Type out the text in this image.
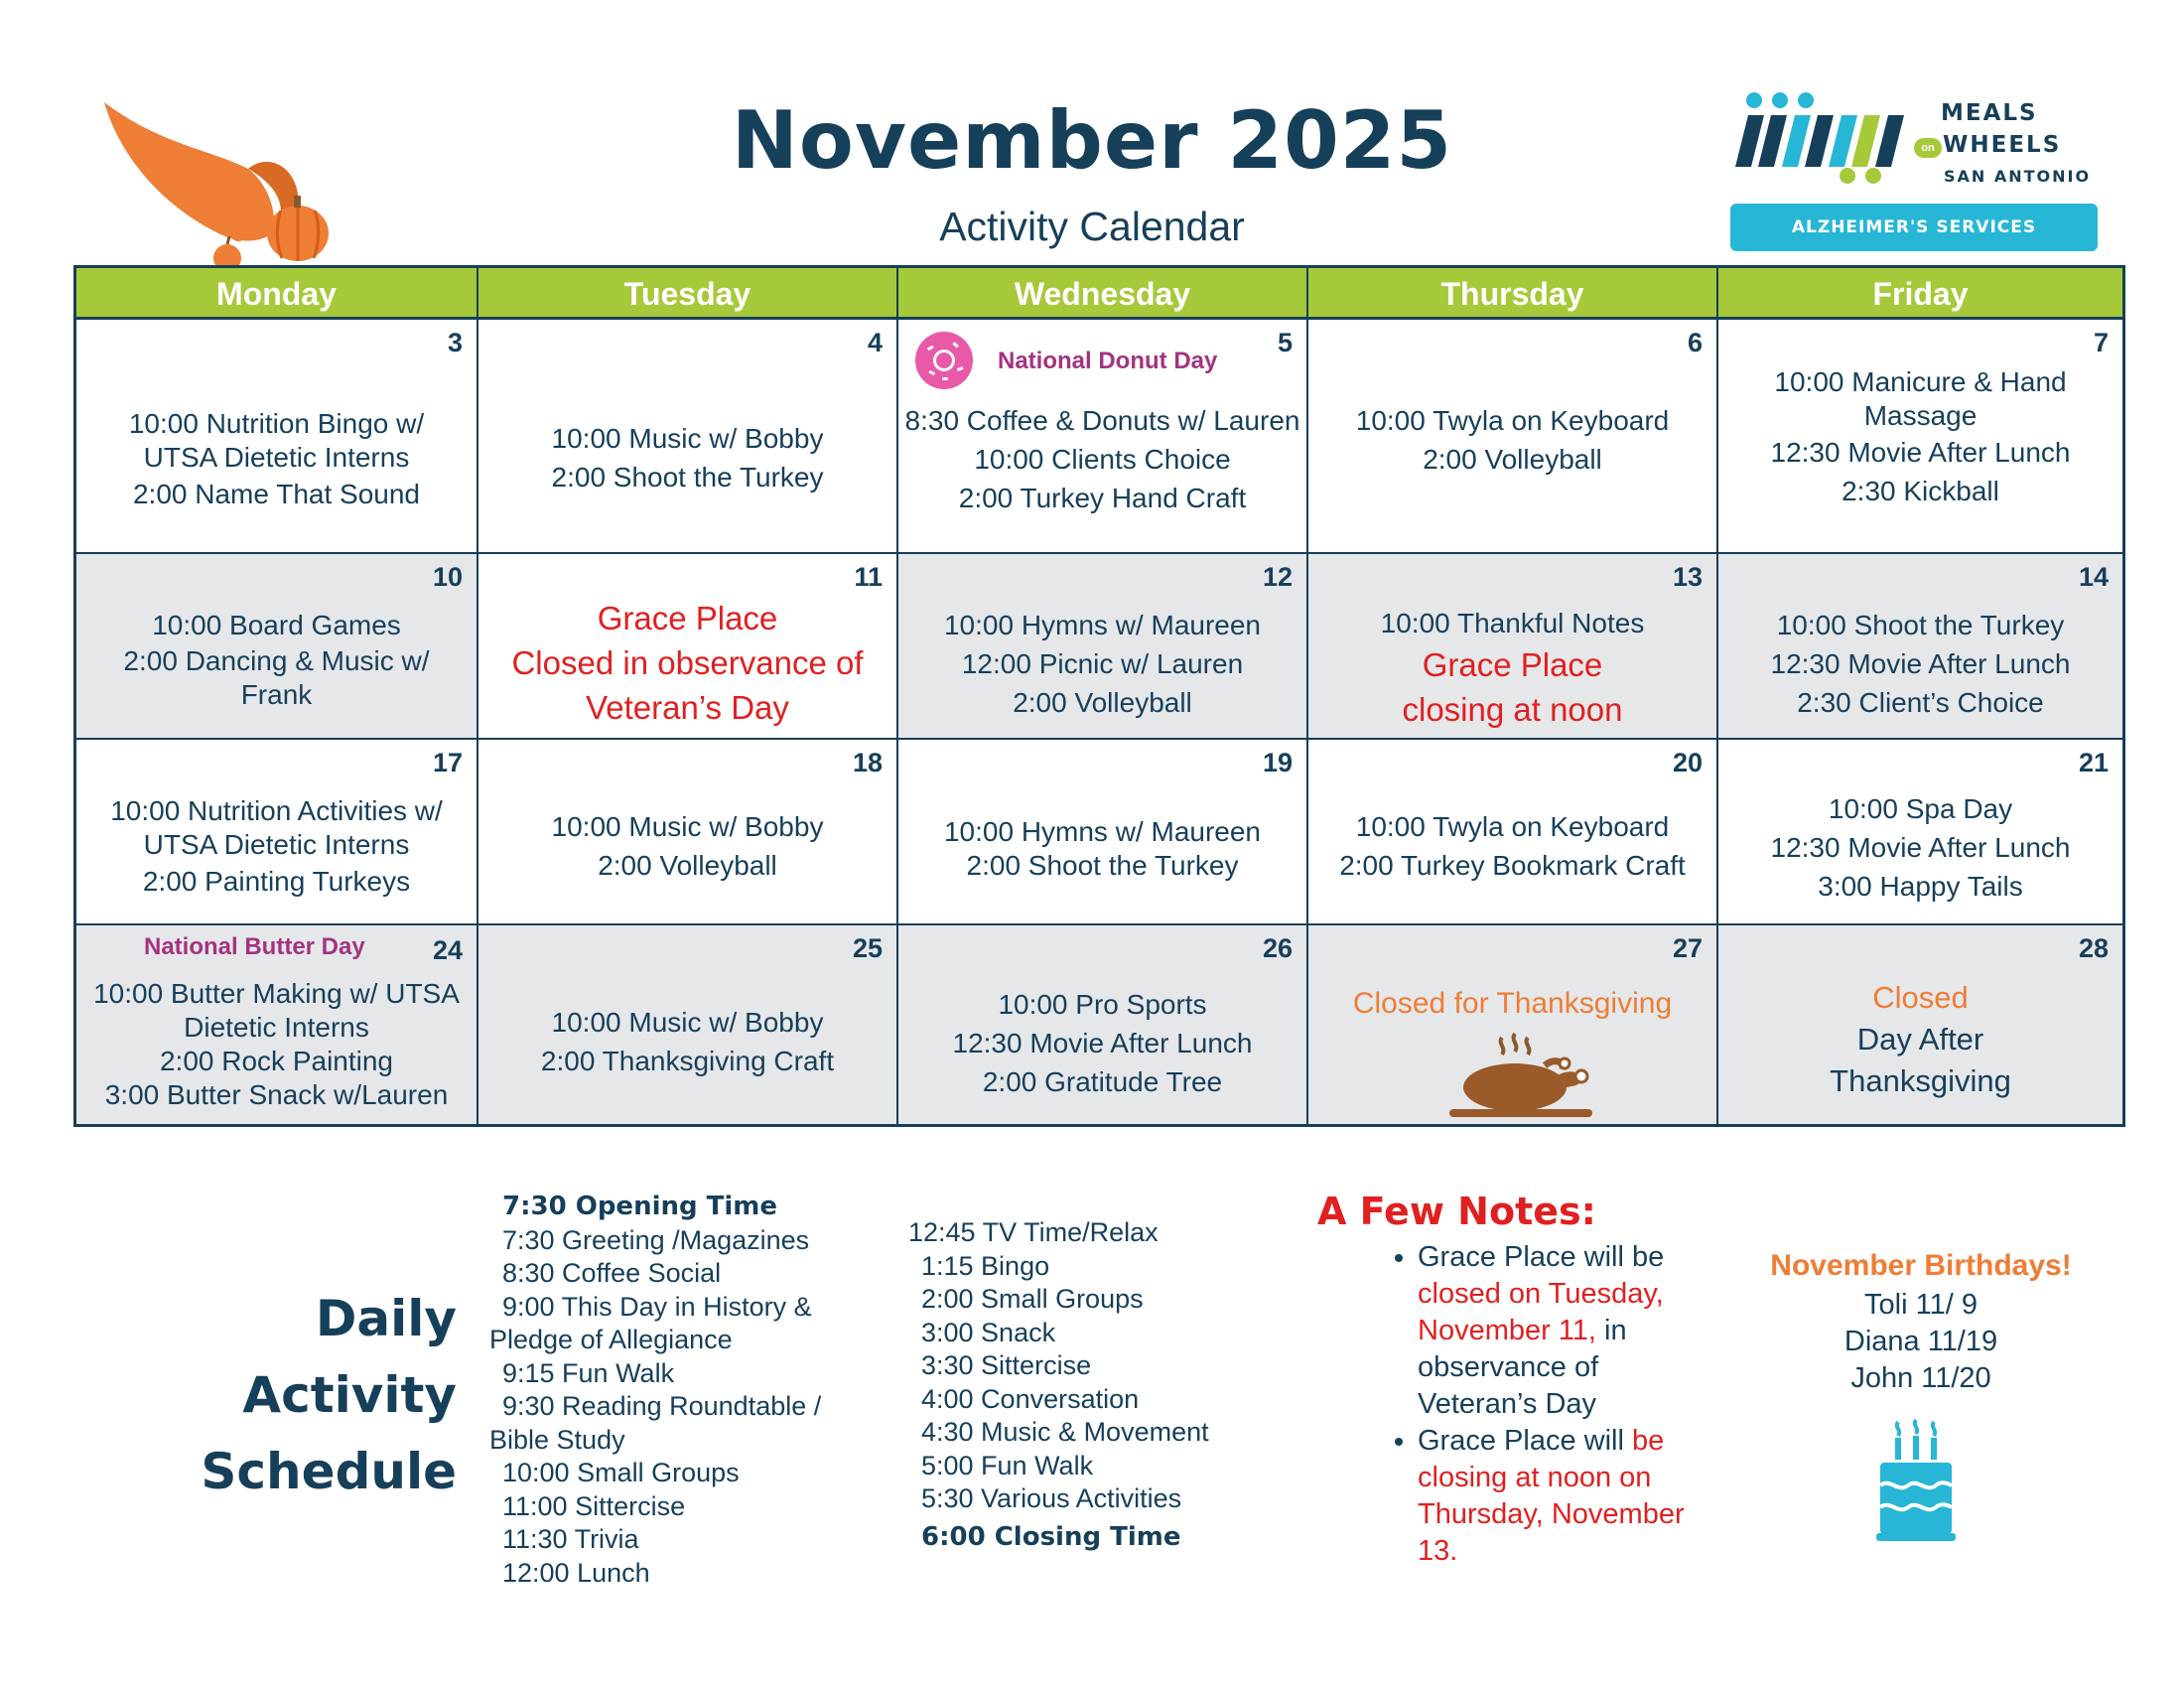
November 2025
Activity Calendar
MEALS
on WHEELS
SAN ANTONIO
ALZHEIMER'S SERVICES
Monday	Tuesday	Wednesday	Thursday	Friday
3
10:00 Nutrition Bingo w/
UTSA Dietetic Interns
2:00 Name That Sound
4
10:00 Music w/ Bobby
2:00 Shoot the Turkey
National Donut Day
5
8:30 Coffee & Donuts w/ Lauren
10:00 Clients Choice
2:00 Turkey Hand Craft
6
10:00 Twyla on Keyboard
2:00 Volleyball
7
10:00 Manicure & Hand
Massage
12:30 Movie After Lunch
2:30 Kickball
10
10:00 Board Games
2:00 Dancing & Music w/
Frank
11
Grace Place
Closed in observance of
Veteran’s Day
12
10:00 Hymns w/ Maureen
12:00 Picnic w/ Lauren
2:00 Volleyball
13
10:00 Thankful Notes
Grace Place
closing at noon
14
10:00 Shoot the Turkey
12:30 Movie After Lunch
2:30 Client’s Choice
17
10:00 Nutrition Activities w/
UTSA Dietetic Interns
2:00 Painting Turkeys
18
10:00 Music w/ Bobby
2:00 Volleyball
19
10:00 Hymns w/ Maureen
2:00 Shoot the Turkey
20
10:00 Twyla on Keyboard
2:00 Turkey Bookmark Craft
21
10:00 Spa Day
12:30 Movie After Lunch
3:00 Happy Tails
National Butter Day	24
10:00 Butter Making w/ UTSA
Dietetic Interns
2:00 Rock Painting
3:00 Butter Snack w/Lauren
25
10:00 Music w/ Bobby
2:00 Thanksgiving Craft
26
10:00 Pro Sports
12:30 Movie After Lunch
2:00 Gratitude Tree
27
Closed for Thanksgiving
28
Closed
Day After
Thanksgiving
Daily
Activity
Schedule
7:30 Opening Time
7:30 Greeting /Magazines
8:30 Coffee Social
9:00 This Day in History &
Pledge of Allegiance
9:15 Fun Walk
9:30 Reading Roundtable /
Bible Study
10:00 Small Groups
11:00 Sittercise
11:30 Trivia
12:00 Lunch
12:45 TV Time/Relax
1:15 Bingo
2:00 Small Groups
3:00 Snack
3:30 Sittercise
4:00 Conversation
4:30 Music & Movement
5:00 Fun Walk
5:30 Various Activities
6:00 Closing Time
A Few Notes:
• Grace Place will be closed on Tuesday, November 11, in observance of Veteran’s Day
• Grace Place will be closing at noon on Thursday, November 13.
November Birthdays!
Toli 11/ 9
Diana 11/19
John 11/20
